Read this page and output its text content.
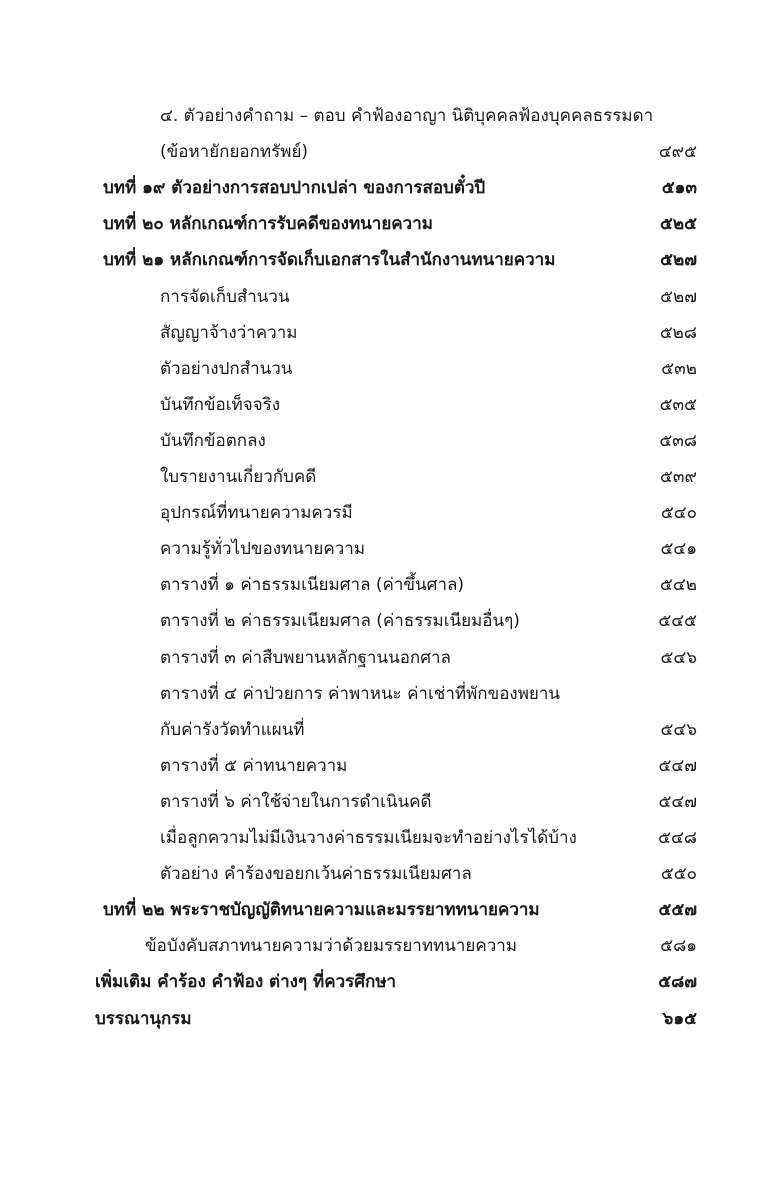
๔. ตัวอย่างคำถาม – ตอบ คำฟ้องอาญา นิติบุคคลฟ้องบุคคลธรรมดา
(ข้อหายักยอกทรัพย์)	๔๙๕
บทที่ ๑๙ ตัวอย่างการสอบปากเปล่า ของการสอบตั๋วปี	๕๑๓
บทที่ ๒๐ หลักเกณฑ์การรับคดีของทนายความ	๕๒๕
บทที่ ๒๑ หลักเกณฑ์การจัดเก็บเอกสารในสำนักงานทนายความ	๕๒๗
การจัดเก็บสำนวน	๕๒๗
สัญญาจ้างว่าความ	๕๒๘
ตัวอย่างปกสำนวน	๕๓๒
บันทึกข้อเท็จจริง	๕๓๕
บันทึกข้อตกลง	๕๓๘
ใบรายงานเกี่ยวกับคดี	๕๓๙
อุปกรณ์ที่ทนายความควรมี	๕๔๐
ความรู้ทั่วไปของทนายความ	๕๔๑
ตารางที่ ๑ ค่าธรรมเนียมศาล (ค่าขึ้นศาล)	๕๔๒
ตารางที่ ๒ ค่าธรรมเนียมศาล (ค่าธรรมเนียมอื่นๆ)	๕๔๕
ตารางที่ ๓ ค่าสืบพยานหลักฐานนอกศาล	๕๔๖
ตารางที่ ๔ ค่าป่วยการ ค่าพาหนะ ค่าเช่าที่พักของพยาน
กับค่ารังวัดทำแผนที่	๕๔๖
ตารางที่ ๕ ค่าทนายความ	๕๔๗
ตารางที่ ๖ ค่าใช้จ่ายในการดำเนินคดี	๕๔๗
เมื่อลูกความไม่มีเงินวางค่าธรรมเนียมจะทำอย่างไรได้บ้าง	๕๔๘
ตัวอย่าง คำร้องขอยกเว้นค่าธรรมเนียมศาล	๕๕๐
บทที่ ๒๒ พระราชบัญญัติทนายความและมรรยาททนายความ	๕๕๗
ข้อบังคับสภาทนายความว่าด้วยมรรยาททนายความ	๕๘๑
เพิ่มเติม คำร้อง คำฟ้อง ต่างๆ ที่ควรศึกษา	๕๘๗
บรรณานุกรม	๖๑๕
